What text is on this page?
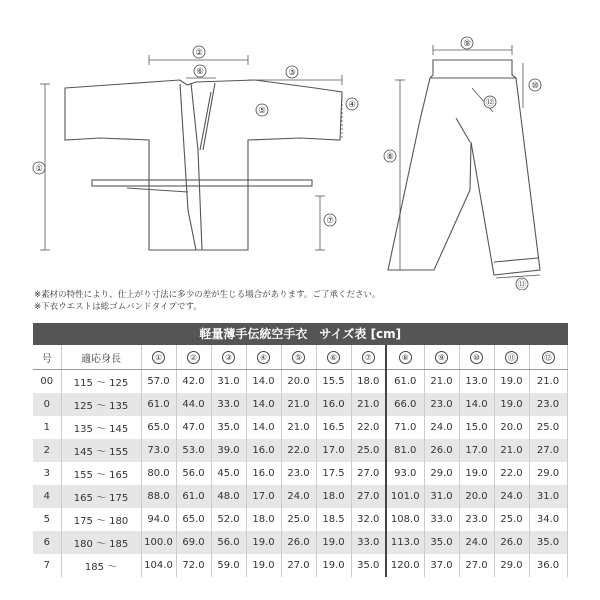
①
②
③
④
⑤
⑥
⑦
⑧
⑨
⑩
⑪
⑫
※素材の特性により、仕上がり寸法に多少の差が生じる場合があります。ご了承ください。
※下衣ウエストは総ゴムバンドタイプです。
軽量薄手伝統空手衣　サイズ表 [cm]
号	適応身長	①	②	③	④	⑤	⑥	⑦	⑧	⑨	⑩	⑪	⑫
00	115 ～ 125	57.0	42.0	31.0	14.0	20.0	15.5	18.0	61.0	21.0	13.0	19.0	21.0
0	125 ～ 135	61.0	44.0	33.0	14.0	21.0	16.0	21.0	66.0	23.0	14.0	19.0	23.0
1	135 ～ 145	65.0	47.0	35.0	14.0	21.0	16.5	22.0	71.0	24.0	15.0	20.0	25.0
2	145 ～ 155	73.0	53.0	39.0	16.0	22.0	17.0	25.0	81.0	26.0	17.0	21.0	27.0
3	155 ～ 165	80.0	56.0	45.0	16.0	23.0	17.5	27.0	93.0	29.0	19.0	22.0	29.0
4	165 ～ 175	88.0	61.0	48.0	17.0	24.0	18.0	27.0	101.0	31.0	20.0	24.0	31.0
5	175 ～ 180	94.0	65.0	52.0	18.0	25.0	18.5	32.0	108.0	33.0	23.0	25.0	34.0
6	180 ～ 185	100.0	69.0	56.0	19.0	26.0	19.0	33.0	113.0	35.0	24.0	26.0	35.0
7	185 ～	104.0	72.0	59.0	19.0	27.0	19.0	35.0	120.0	37.0	27.0	29.0	36.0
